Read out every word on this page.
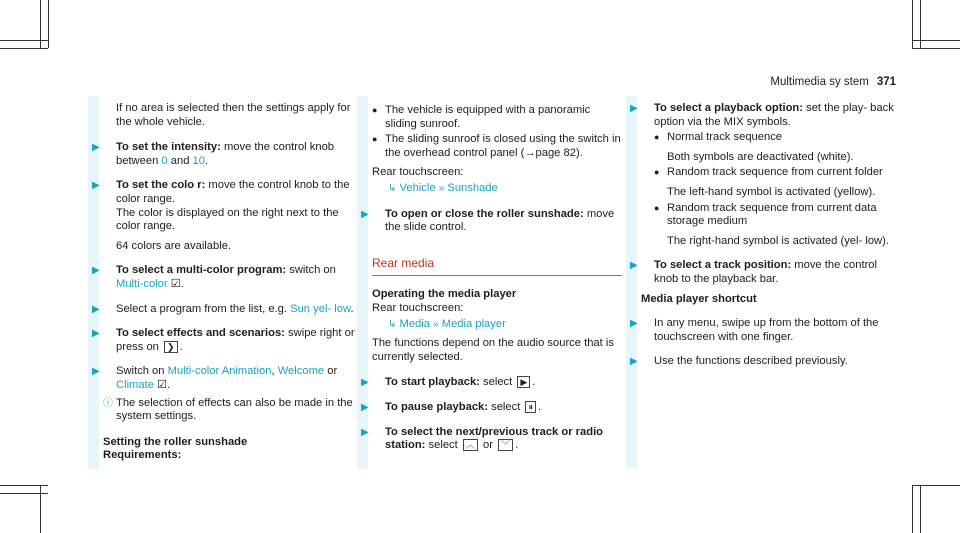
Multimedia sy stem 371

If no area is selected then the settings apply for the whole vehicle.

▶ To set the intensity: move the control knob between 0 and 10.
▶ To set the colo r: move the control knob to the color range.

The color is displayed on the right next to the color range.

64 colors are available.

▶ To select a multi-color program: switch on Multi-color ☑.
▶ Select a program from the list, e.g. Sun yel- low.
▶ To select effects and scenarios: swipe right or press on ❯ .
▶ Switch on Multi-color Animation, Welcome or Climate ☑.
ⓘ The selection of effects can also be made in the system settings.

Setting the roller sunshade

Requirements:

● The vehicle is equipped with a panoramic sliding sunroof.
● The sliding sunroof is closed using the switch in the overhead control panel (→page 82).

Rear touchscreen:

↳ Vehicle » Sunshade

▶ To open or close the roller sunshade: move the slide control.

Rear media

Operating the media player

Rear touchscreen:

↳ Media » Media player

The functions depend on the audio source that is currently selected.

▶ To start playback: select ▶ .
▶ To pause playback: select ⏸ .
▶ To select the next/previous track or radio station: select ︿ or ﹀ .
▶ To select a playback option: set the play- back option via the MIX symbols.
● Normal track sequence

Both symbols are deactivated (white).

● Random track sequence from current folder

The left-hand symbol is activated (yellow).

● Random track sequence from current data storage medium

The right-hand symbol is activated (yel- low).

▶ To select a track position: move the control knob to the playback bar.

Media player shortcut

▶ In any menu, swipe up from the bottom of the touchscreen with one finger.
▶ Use the functions described previously.
